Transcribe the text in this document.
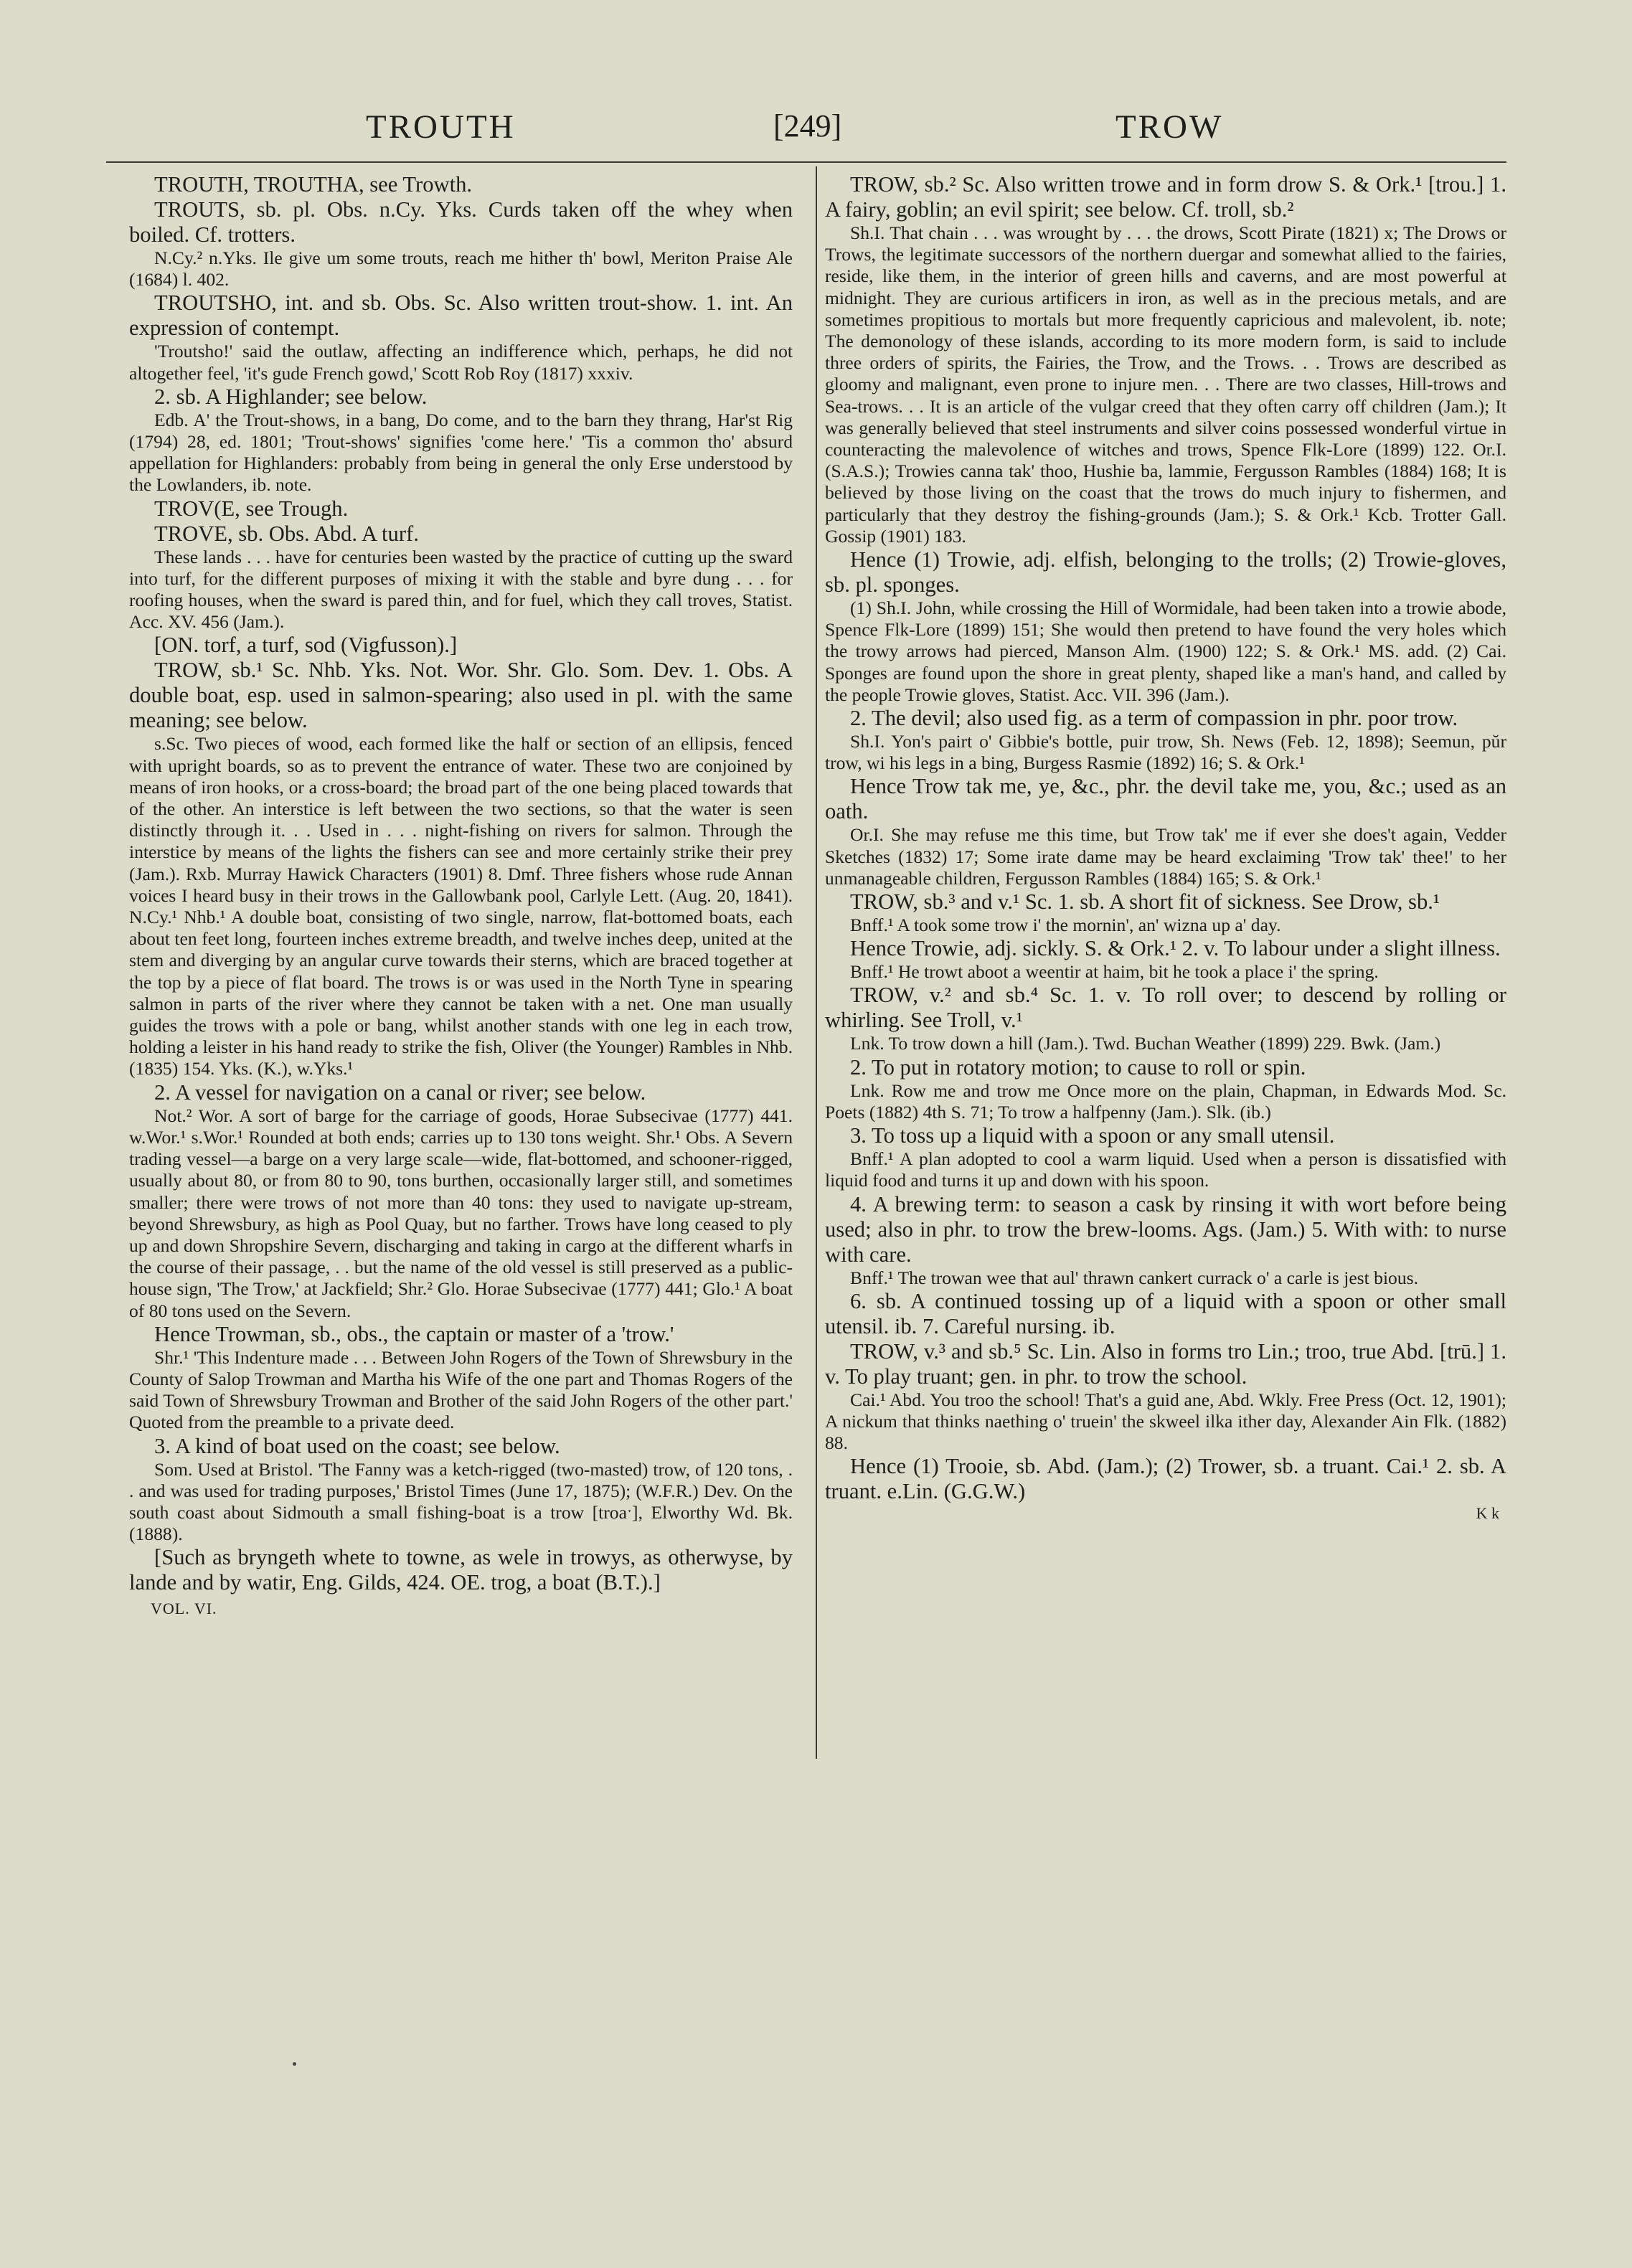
TROUTH	[249]	TROW

TROUTH, TROUTHA, see Trowth.

TROUTS, sb. pl. Obs. n.Cy. Yks. Curds taken off the whey when boiled. Cf. trotters.

N.Cy.² n.Yks. Ile give um some trouts, reach me hither th' bowl, Meriton Praise Ale (1684) l. 402.

TROUTSHO, int. and sb. Obs. Sc. Also written trout-show. 1. int. An expression of contempt.

'Troutsho!' said the outlaw, affecting an indifference which, perhaps, he did not altogether feel, 'it's gude French gowd,' Scott Rob Roy (1817) xxxiv.

2. sb. A Highlander; see below.

Edb. A' the Trout-shows, in a bang, Do come, and to the barn they thrang, Har'st Rig (1794) 28, ed. 1801; 'Trout-shows' signifies 'come here.' 'Tis a common tho' absurd appellation for Highlanders: probably from being in general the only Erse understood by the Lowlanders, ib. note.

TROV(E, see Trough.

TROVE, sb. Obs. Abd. A turf.

These lands . . . have for centuries been wasted by the practice of cutting up the sward into turf, for the different purposes of mixing it with the stable and byre dung . . . for roofing houses, when the sward is pared thin, and for fuel, which they call troves, Statist. Acc. XV. 456 (Jam.).

[ON. torf, a turf, sod (Vigfusson).]

TROW, sb.¹ Sc. Nhb. Yks. Not. Wor. Shr. Glo. Som. Dev. 1. Obs. A double boat, esp. used in salmon-spearing; also used in pl. with the same meaning; see below.

s.Sc. Two pieces of wood, each formed like the half or section of an ellipsis, fenced with upright boards, so as to prevent the entrance of water. These two are conjoined by means of iron hooks, or a cross-board; the broad part of the one being placed towards that of the other. An interstice is left between the two sections, so that the water is seen distinctly through it. . . Used in . . . night-fishing on rivers for salmon. Through the interstice by means of the lights the fishers can see and more certainly strike their prey (Jam.). Rxb. Murray Hawick Characters (1901) 8. Dmf. Three fishers whose rude Annan voices I heard busy in their trows in the Gallowbank pool, Carlyle Lett. (Aug. 20, 1841). N.Cy.¹ Nhb.¹ A double boat, consisting of two single, narrow, flat-bottomed boats, each about ten feet long, fourteen inches extreme breadth, and twelve inches deep, united at the stem and diverging by an angular curve towards their sterns, which are braced together at the top by a piece of flat board. The trows is or was used in the North Tyne in spearing salmon in parts of the river where they cannot be taken with a net. One man usually guides the trows with a pole or bang, whilst another stands with one leg in each trow, holding a leister in his hand ready to strike the fish, Oliver (the Younger) Rambles in Nhb. (1835) 154. Yks. (K.), w.Yks.¹

2. A vessel for navigation on a canal or river; see below.

Not.² Wor. A sort of barge for the carriage of goods, Horae Subsecivae (1777) 441. w.Wor.¹ s.Wor.¹ Rounded at both ends; carries up to 130 tons weight. Shr.¹ Obs. A Severn trading vessel—a barge on a very large scale—wide, flat-bottomed, and schooner-rigged, usually about 80, or from 80 to 90, tons burthen, occasionally larger still, and sometimes smaller; there were trows of not more than 40 tons: they used to navigate up-stream, beyond Shrewsbury, as high as Pool Quay, but no farther. Trows have long ceased to ply up and down Shropshire Severn, discharging and taking in cargo at the different wharfs in the course of their passage, . . but the name of the old vessel is still preserved as a public-house sign, 'The Trow,' at Jackfield; Shr.² Glo. Horae Subsecivae (1777) 441; Glo.¹ A boat of 80 tons used on the Severn.

Hence Trowman, sb., obs., the captain or master of a 'trow.'

Shr.¹ 'This Indenture made . . . Between John Rogers of the Town of Shrewsbury in the County of Salop Trowman and Martha his Wife of the one part and Thomas Rogers of the said Town of Shrewsbury Trowman and Brother of the said John Rogers of the other part.' Quoted from the preamble to a private deed.

3. A kind of boat used on the coast; see below.

Som. Used at Bristol. 'The Fanny was a ketch-rigged (two-masted) trow, of 120 tons, . . and was used for trading purposes,' Bristol Times (June 17, 1875); (W.F.R.) Dev. On the south coast about Sidmouth a small fishing-boat is a trow [troaˑ], Elworthy Wd. Bk. (1888).

[Such as bryngeth whete to towne, as wele in trowys, as otherwyse, by lande and by watir, Eng. Gilds, 424. OE. trog, a boat (B.T.).]

VOL. VI.

TROW, sb.² Sc. Also written trowe and in form drow S. & Ork.¹ [trou.] 1. A fairy, goblin; an evil spirit; see below. Cf. troll, sb.²

Sh.I. That chain . . . was wrought by . . . the drows, Scott Pirate (1821) x; The Drows or Trows, the legitimate successors of the northern duergar and somewhat allied to the fairies, reside, like them, in the interior of green hills and caverns, and are most powerful at midnight. They are curious artificers in iron, as well as in the precious metals, and are sometimes propitious to mortals but more frequently capricious and malevolent, ib. note; The demonology of these islands, according to its more modern form, is said to include three orders of spirits, the Fairies, the Trow, and the Trows. . . Trows are described as gloomy and malignant, even prone to injure men. . . There are two classes, Hill-trows and Sea-trows. . . It is an article of the vulgar creed that they often carry off children (Jam.); It was generally believed that steel instruments and silver coins possessed wonderful virtue in counteracting the malevolence of witches and trows, Spence Flk-Lore (1899) 122. Or.I. (S.A.S.); Trowies canna tak' thoo, Hushie ba, lammie, Fergusson Rambles (1884) 168; It is believed by those living on the coast that the trows do much injury to fishermen, and particularly that they destroy the fishing-grounds (Jam.); S. & Ork.¹ Kcb. Trotter Gall. Gossip (1901) 183.

Hence (1) Trowie, adj. elfish, belonging to the trolls; (2) Trowie-gloves, sb. pl. sponges.

(1) Sh.I. John, while crossing the Hill of Wormidale, had been taken into a trowie abode, Spence Flk-Lore (1899) 151; She would then pretend to have found the very holes which the trowy arrows had pierced, Manson Alm. (1900) 122; S. & Ork.¹ MS. add. (2) Cai. Sponges are found upon the shore in great plenty, shaped like a man's hand, and called by the people Trowie gloves, Statist. Acc. VII. 396 (Jam.).

2. The devil; also used fig. as a term of compassion in phr. poor trow.

Sh.I. Yon's pairt o' Gibbie's bottle, puir trow, Sh. News (Feb. 12, 1898); Seemun, pŭr trow, wi his legs in a bing, Burgess Rasmie (1892) 16; S. & Ork.¹

Hence Trow tak me, ye, &c., phr. the devil take me, you, &c.; used as an oath.

Or.I. She may refuse me this time, but Trow tak' me if ever she does't again, Vedder Sketches (1832) 17; Some irate dame may be heard exclaiming 'Trow tak' thee!' to her unmanageable children, Fergusson Rambles (1884) 165; S. & Ork.¹

TROW, sb.³ and v.¹ Sc. 1. sb. A short fit of sickness. See Drow, sb.¹

Bnff.¹ A took some trow i' the mornin', an' wizna up a' day.

Hence Trowie, adj. sickly. S. & Ork.¹ 2. v. To labour under a slight illness.

Bnff.¹ He trowt aboot a weentir at haim, bit he took a place i' the spring.

TROW, v.² and sb.⁴ Sc. 1. v. To roll over; to descend by rolling or whirling. See Troll, v.¹

Lnk. To trow down a hill (Jam.). Twd. Buchan Weather (1899) 229. Bwk. (Jam.)

2. To put in rotatory motion; to cause to roll or spin.

Lnk. Row me and trow me Once more on the plain, Chapman, in Edwards Mod. Sc. Poets (1882) 4th S. 71; To trow a halfpenny (Jam.). Slk. (ib.)

3. To toss up a liquid with a spoon or any small utensil.

Bnff.¹ A plan adopted to cool a warm liquid. Used when a person is dissatisfied with liquid food and turns it up and down with his spoon.

4. A brewing term: to season a cask by rinsing it with wort before being used; also in phr. to trow the brew-looms. Ags. (Jam.) 5. With with: to nurse with care.

Bnff.¹ The trowan wee that aul' thrawn cankert currack o' a carle is jest bious.

6. sb. A continued tossing up of a liquid with a spoon or other small utensil. ib. 7. Careful nursing. ib.

TROW, v.³ and sb.⁵ Sc. Lin. Also in forms tro Lin.; troo, true Abd. [trū.] 1. v. To play truant; gen. in phr. to trow the school.

Cai.¹ Abd. You troo the school! That's a guid ane, Abd. Wkly. Free Press (Oct. 12, 1901); A nickum that thinks naething o' truein' the skweel ilka ither day, Alexander Ain Flk. (1882) 88.

Hence (1) Trooie, sb. Abd. (Jam.); (2) Trower, sb. a truant. Cai.¹ 2. sb. A truant. e.Lin. (G.G.W.)

K k
